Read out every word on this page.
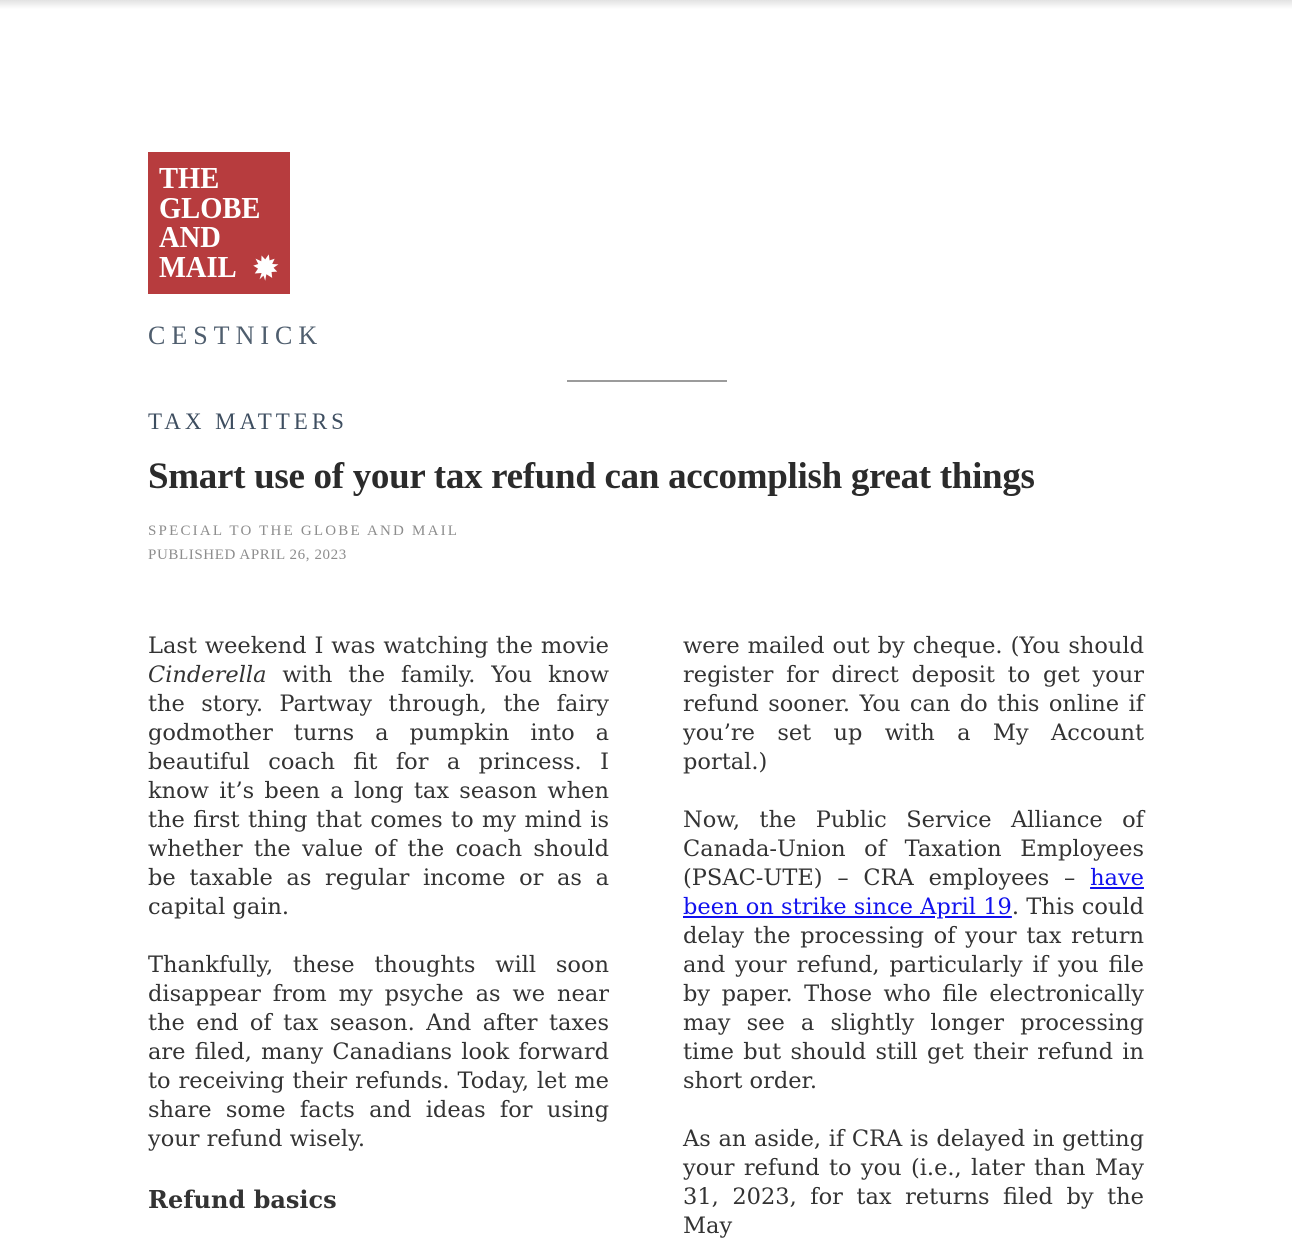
THE
GLOBE
AND
MAIL
CESTNICK
TAX MATTERS
Smart use of your tax refund can accomplish great things
SPECIAL TO THE GLOBE AND MAIL
PUBLISHED APRIL 26, 2023

Last weekend I was watching the movie Cinderella with the family. You know the story. Partway through, the fairy godmother turns a pumpkin into a beautiful coach fit for a princess. I know it’s been a long tax season when the first thing that comes to my mind is whether the value of the coach should be taxable as regular income or as a capital gain.

Thankfully, these thoughts will soon disappear from my psyche as we near the end of tax season. And after taxes are filed, many Canadians look forward to receiving their refunds. Today, let me share some facts and ideas for using your refund wisely.

Refund basics

were mailed out by cheque. (You should register for direct deposit to get your refund sooner. You can do this online if you’re set up with a My Account portal.)

Now, the Public Service Alliance of Canada-Union of Taxation Employees (PSAC-UTE) – CRA employees – have been on strike since April 19. This could delay the processing of your tax return and your refund, particularly if you file by paper. Those who file electronically may see a slightly longer processing time but should still get their refund in short order.

As an aside, if CRA is delayed in getting your refund to you (i.e., later than May 31, 2023, for tax returns filed by the May
